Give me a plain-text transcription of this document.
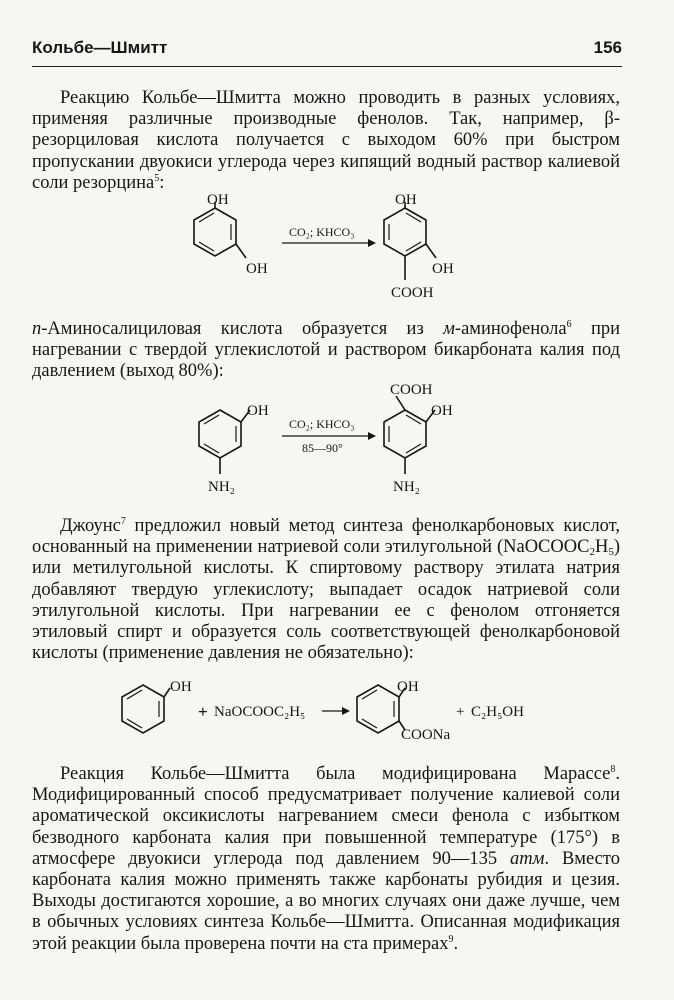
Кольбе—Шмитт	156
Реакцию Кольбе—Шмитта можно проводить в разных условиях, применяя различные производные фенолов. Так, например, β-резорциловая кислота получается с выходом 60% при быстром пропускании двуокиси углерода через кипящий водный раствор калиевой соли резорцина$^5$:
OH
OH
CO₂; KHCO₃
OH
OH
COOH
n-Аминосалициловая кислота образуется из м-аминофенола$^6$ при нагревании с твердой углекислотой и раствором бикарбоната калия под давлением (выход 80%):
OH
NH₂
CO₂; KHCO₃
85—90°
COOH
OH
NH₂
Джоунс$^7$ предложил новый метод синтеза фенолкарбоновых кислот, основанный на применении натриевой соли этилугольной $(NaOCOOC_2H_5)$ или метилугольной кислоты. К спиртовому раствору этилата натрия добавляют твердую углекислоту; выпадает осадок натриевой соли этилугольной кислоты. При нагревании ее с фенолом отгоняется этиловый спирт и образуется соль соответствующей фенолкарбоновой кислоты (применение давления не обязательно):
OH
+ NaOCOOC₂H₅
OH
COONa
+ C₂H₅OH
Реакция Кольбе—Шмитта была модифицирована Марассе$^8$. Модифицированный способ предусматривает получение калиевой соли ароматической оксикислоты нагреванием смеси фенола с избытком безводного карбоната калия при повышенной температуре (175°) в атмосфере двуокиси углерода под давлением 90—135 атм. Вместо карбоната калия можно применять также карбонаты рубидия и цезия. Выходы достигаются хорошие, а во многих случаях они даже лучше, чем в обычных условиях синтеза Кольбе—Шмитта. Описанная модификация этой реакции была проверена почти на ста примерах$^9$.
